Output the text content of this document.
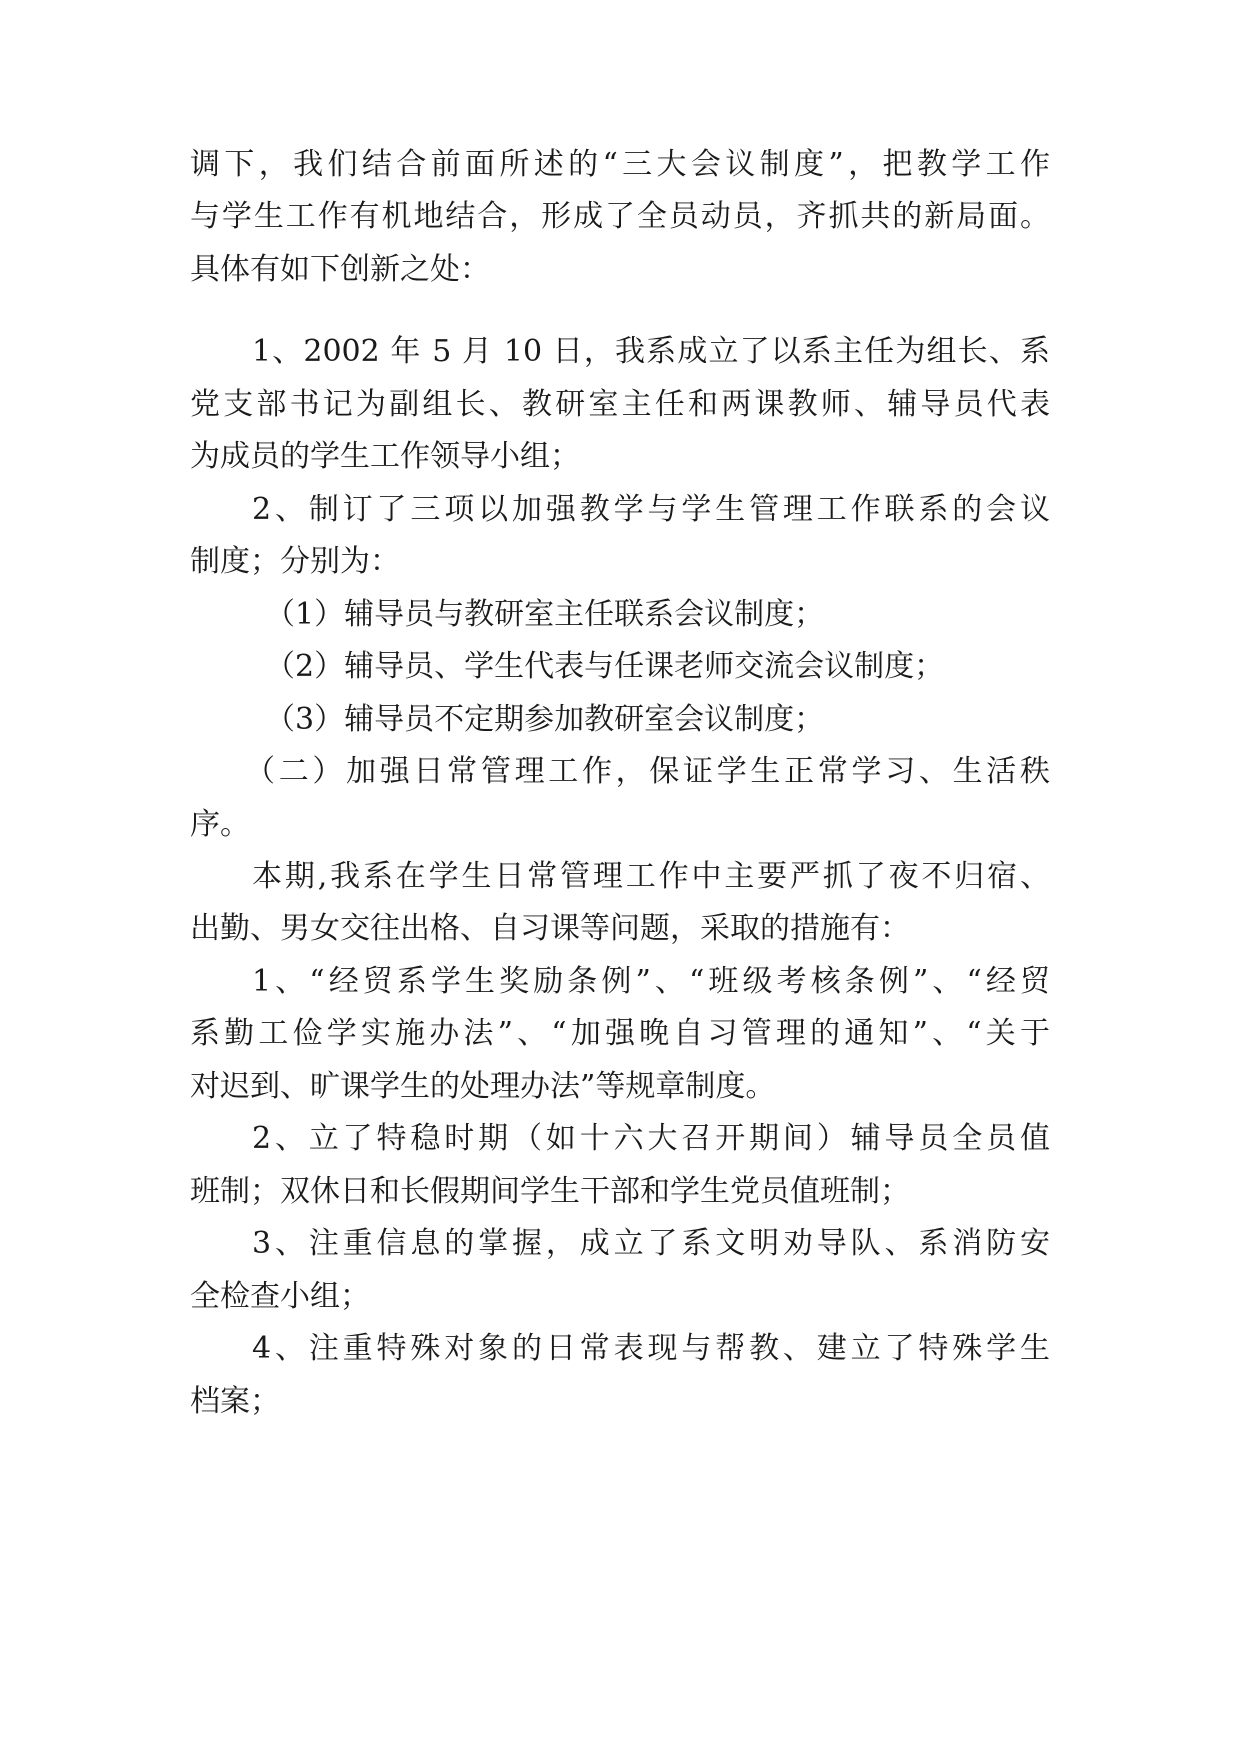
调下，我们结合前面所述的“三大会议制度”，把教学工作
与学生工作有机地结合，形成了全员动员，齐抓共的新局面。
具体有如下创新之处：
1、2002 年 5 月 10 日，我系成立了以系主任为组长、系
党支部书记为副组长、教研室主任和两课教师、辅导员代表
为成员的学生工作领导小组；
2、制订了三项以加强教学与学生管理工作联系的会议
制度；分别为：
（1）辅导员与教研室主任联系会议制度；
（2）辅导员、学生代表与任课老师交流会议制度；
（3）辅导员不定期参加教研室会议制度；
（二）加强日常管理工作，保证学生正常学习、生活秩
序。
本期,我系在学生日常管理工作中主要严抓了夜不归宿、
出勤、男女交往出格、自习课等问题，采取的措施有：
1、“经贸系学生奖励条例”、“班级考核条例”、“经贸
系勤工俭学实施办法”、“加强晚自习管理的通知”、“关于
对迟到、旷课学生的处理办法”等规章制度。
2、立了特稳时期（如十六大召开期间）辅导员全员值
班制；双休日和长假期间学生干部和学生党员值班制；
3、注重信息的掌握，成立了系文明劝导队、系消防安
全检查小组；
4、注重特殊对象的日常表现与帮教、建立了特殊学生
档案；
